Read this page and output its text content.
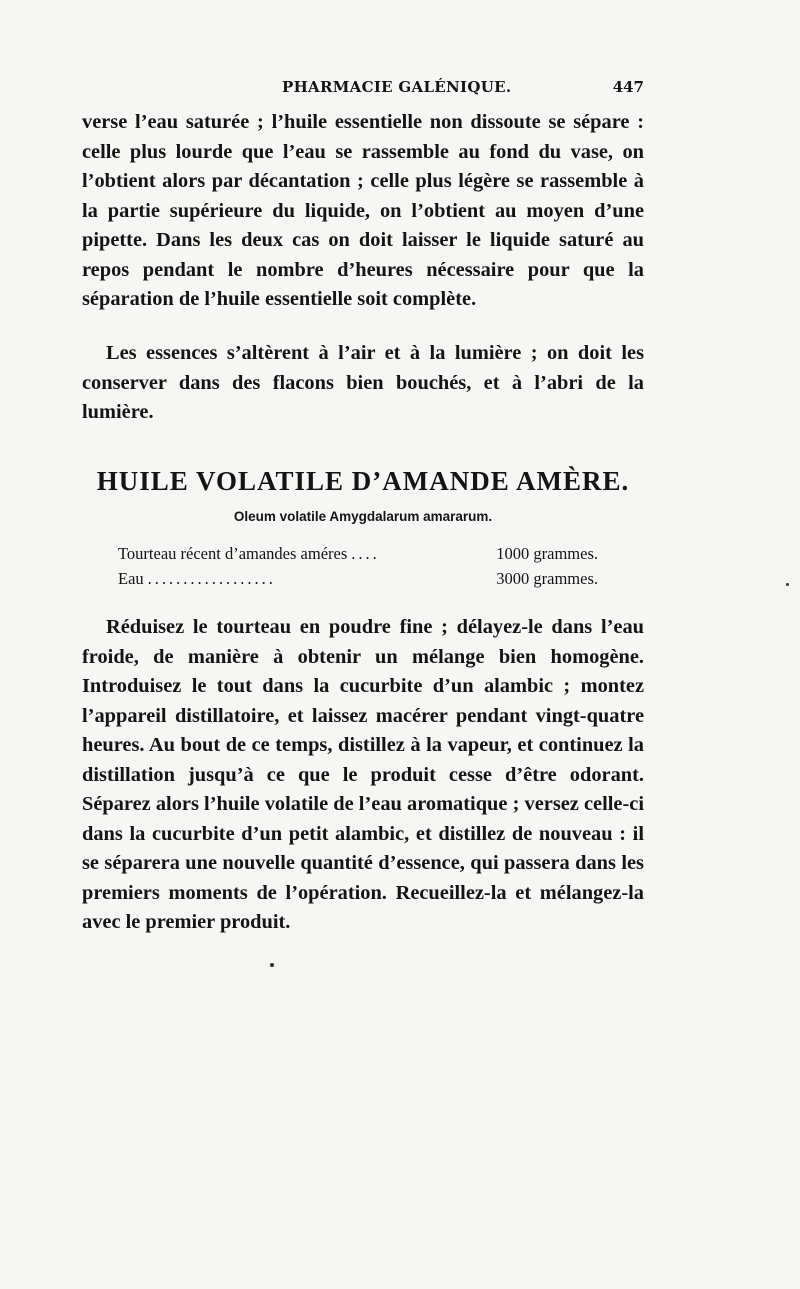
PHARMACIE GALÉNIQUE.	447

verse l’eau saturée ; l’huile essentielle non dissoute se sépare : celle plus lourde que l’eau se rassemble au fond du vase, on l’obtient alors par décantation ; celle plus légère se rassemble à la partie supérieure du liquide, on l’obtient au moyen d’une pipette. Dans les deux cas on doit laisser le liquide saturé au repos pendant le nombre d’heures nécessaire pour que la séparation de l’huile essentielle soit complète.

Les essences s’altèrent à l’air et à la lumière ; on doit les conserver dans des flacons bien bouchés, et à l’abri de la lumière.

HUILE VOLATILE D’AMANDE AMÈRE.
Oleum volatile Amygdalarum amararum.
Tourteau récent d’amandes améres ....	1000 grammes.
Eau ..................	3000 grammes.

Réduisez le tourteau en poudre fine ; délayez-le dans l’eau froide, de manière à obtenir un mélange bien homogène. Introduisez le tout dans la cucurbite d’un alambic ; montez l’appareil distillatoire, et laissez macérer pendant vingt-quatre heures. Au bout de ce temps, distillez à la vapeur, et continuez la distillation jusqu’à ce que le produit cesse d’être odorant. Séparez alors l’huile volatile de l’eau aromatique ; versez celle-ci dans la cucurbite d’un petit alambic, et distillez de nouveau : il se séparera une nouvelle quantité d’essence, qui passera dans les premiers moments de l’opération. Recueillez-la et mélangez-la avec le premier produit.
